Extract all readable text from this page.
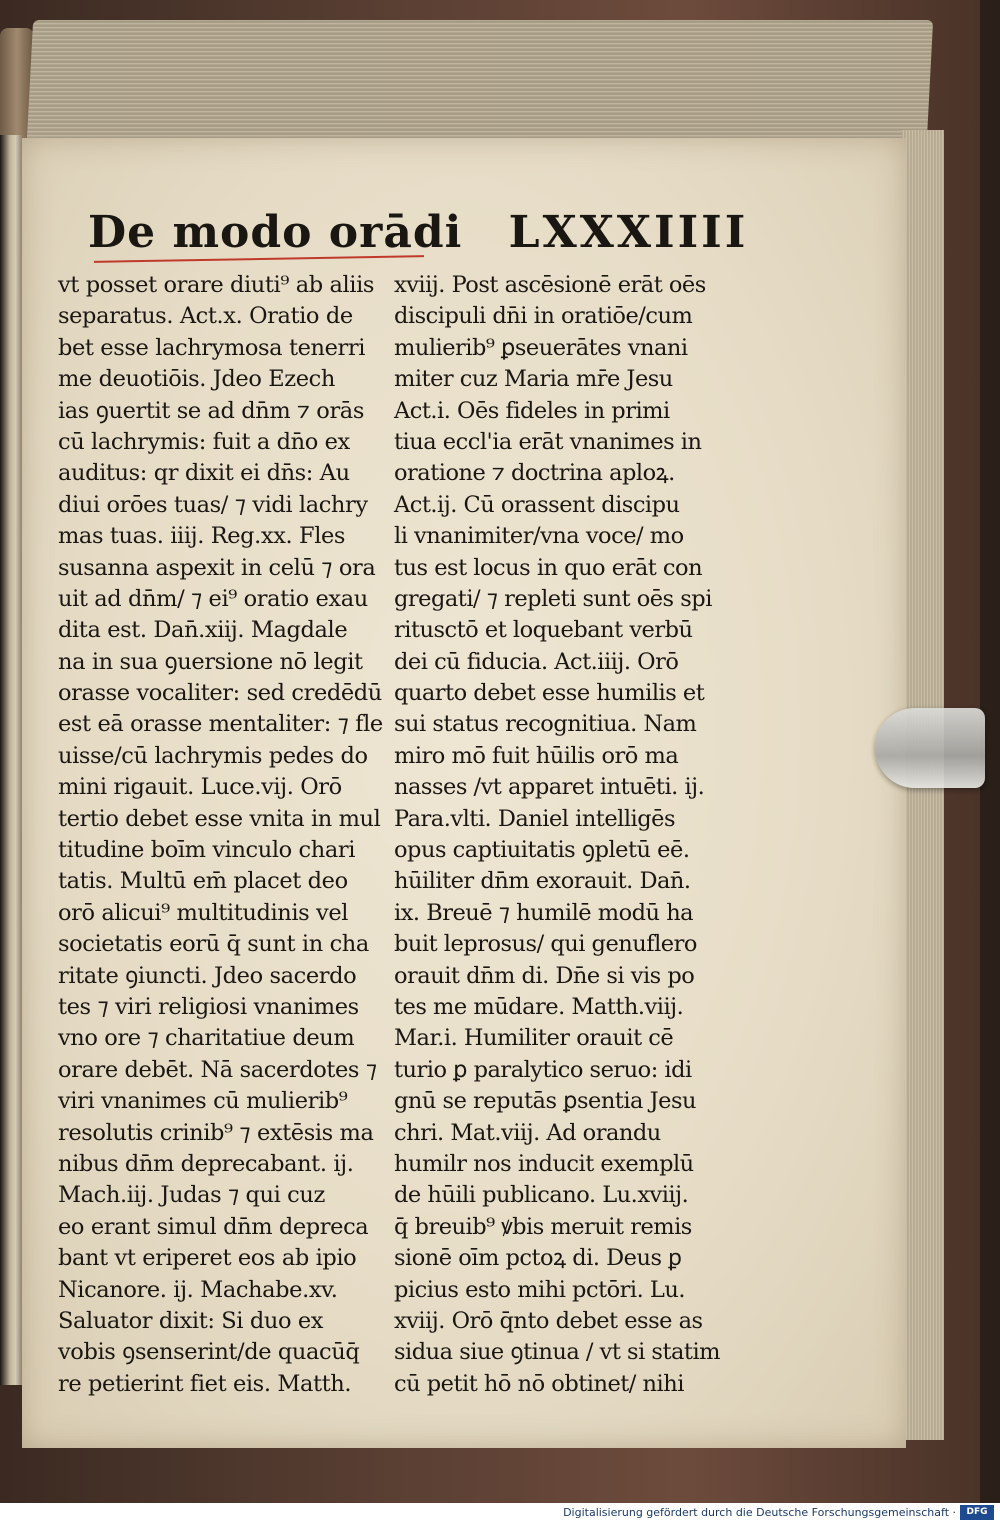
De modo orādi LXXXIIII
vt posset orare diuti⁹ ab aliis
separatus. Act.x. Oratio de
bet esse lachrymosa tenerri
me deuotiōis. Jdeo Ezech
ias ꝯuertit se ad dn̄m ⁊ orās
cū lachrymis: fuit a dn̄o ex
auditus: qr dixit ei dn̄s: Au
diui orōes tuas/ ⁊ vidi lachry
mas tuas. iiij. Reg.xx. Fles
susanna aspexit in celū ⁊ ora
uit ad dn̄m/ ⁊ ei⁹ oratio exau
dita est. Dan̄.xiij. Magdale
na in sua ꝯuersione nō legit
orasse vocaliter: sed credēdū
est eā orasse mentaliter: ⁊ fle
uisse/cū lachrymis pedes do
mini rigauit. Luce.vij. Orō
tertio debet esse vnita in mul
titudine boīm vinculo chari
tatis. Multū em̄ placet deo
orō alicui⁹ multitudinis vel
societatis eorū q̄ sunt in cha
ritate ꝯiuncti. Jdeo sacerdo
tes ⁊ viri religiosi vnanimes
vno ore ⁊ charitatiue deum
orare debēt. Nā sacerdotes ⁊
viri vnanimes cū mulierib⁹
resolutis crinib⁹ ⁊ extēsis ma
nibus dn̄m deprecabant. ij.
Mach.iij. Judas ⁊ qui cuz
eo erant simul dn̄m depreca
bant vt eriperet eos ab ipio
Nicanore. ij. Machabe.xv.
Saluator dixit: Si duo ex
vobis ꝯsenserint/de quacūq̄
re petierint fiet eis. Matth.
xviij. Post ascēsionē erāt oēs
discipuli dn̄i in oratiōe/cum
mulierib⁹ ꝑseuerātes vnani
miter cuz Maria mr̄e Jesu
Act.i. Oēs fideles in primi
tiua eccl'ia erāt vnanimes in
oratione ⁊ doctrina aploꝝ.
Act.ij. Cū orassent discipu
li vnanimiter/vna voce/ mo
tus est locus in quo erāt con
gregati/ ⁊ repleti sunt oēs spi
ritusctō et loquebant verbū
dei cū fiducia. Act.iiij. Orō
quarto debet esse humilis et
sui status recognitiua. Nam
miro mō fuit hūilis orō ma
nasses /vt apparet intuēti. ij.
Para.vlti. Daniel intelligēs
opus captiuitatis ꝯpletū eē.
hūiliter dn̄m exorauit. Dan̄.
ix. Breuē ⁊ humilē modū ha
buit leprosus/ qui genuflero
orauit dn̄m di. Dn̄e si vis po
tes me mūdare. Matth.viij.
Mar.i. Humiliter orauit cē
turio ꝑ paralytico seruo: idi
gnū se reputās ꝑsentia Jesu
chri. Mat.viij. Ad orandu
humilr nos inducit exemplū
de hūili publicano. Lu.xviij.
q̄ breuib⁹ ꝟbis meruit remis
sionē oīm pctoꝝ di. Deus ꝑ
picius esto mihi pctōri. Lu.
xviij. Orō q̄nto debet esse as
sidua siue ꝯtinua / vt si statim
cū petit hō nō obtinet/ nihi
Digitalisierung gefördert durch die Deutsche Forschungsgemeinschaft ·	DFG
